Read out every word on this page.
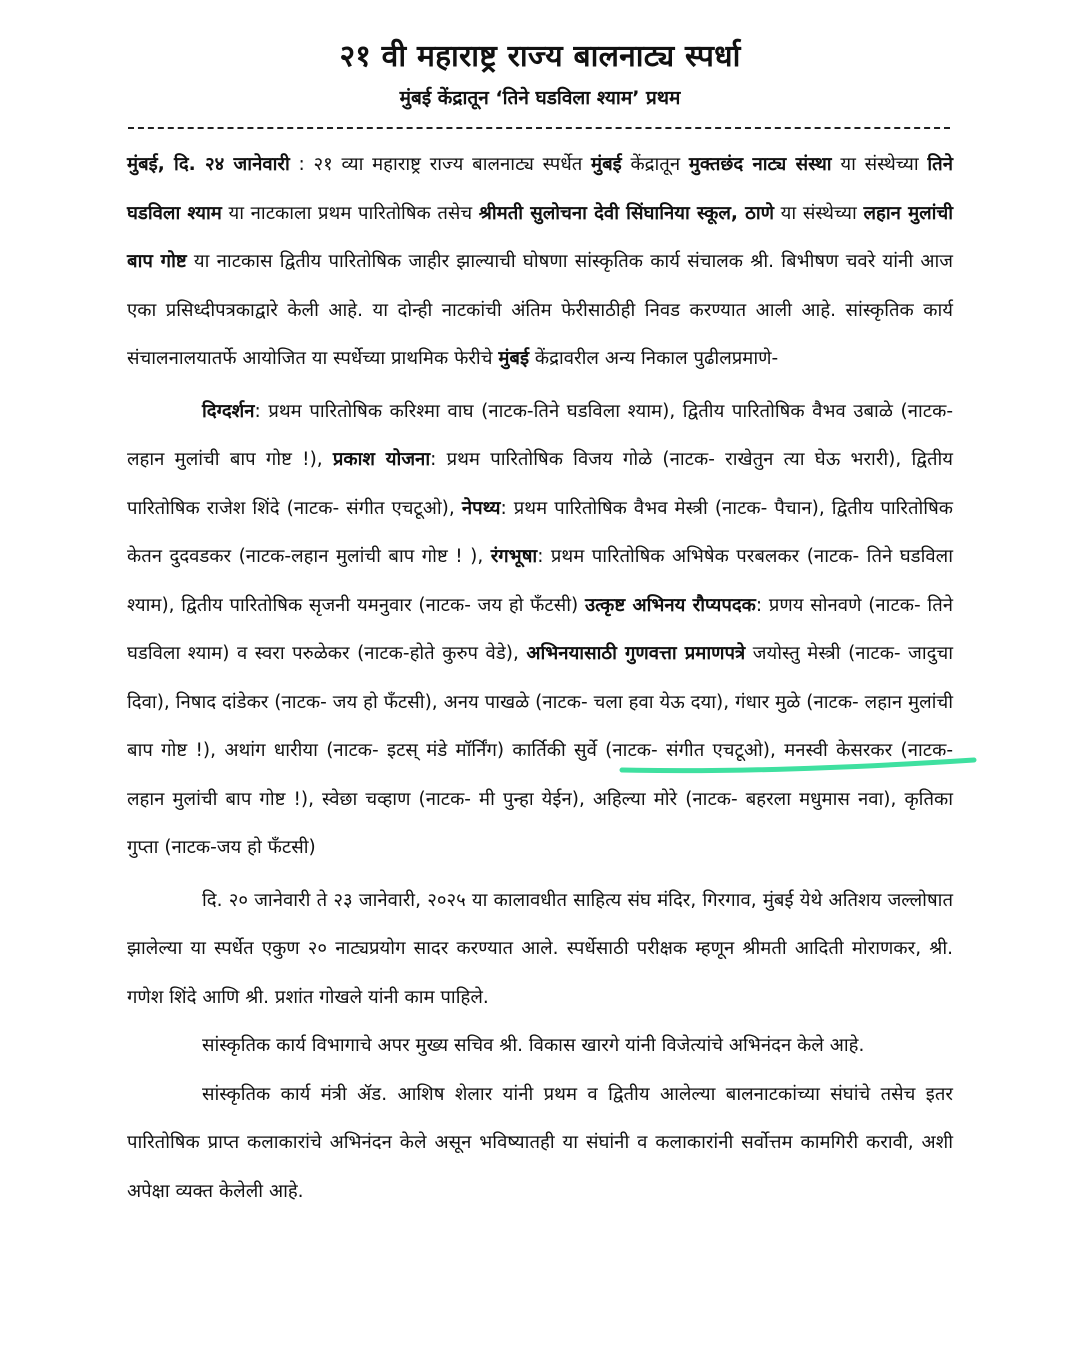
२१ वी महाराष्ट्र राज्य बालनाट्य स्पर्धा
मुंबई केंद्रातून ‘तिने घडविला श्याम’ प्रथम

मुंबई, दि. २४ जानेवारी : २१ व्या महाराष्ट्र राज्य बालनाट्य स्पर्धेत मुंबई केंद्रातून मुक्तछंद नाट्य संस्था या संस्थेच्या तिने घडविला श्याम या नाटकाला प्रथम पारितोषिक तसेच श्रीमती सुलोचना देवी सिंघानिया स्कूल, ठाणे या संस्थेच्या लहान मुलांची बाप गोष्ट या नाटकास द्वितीय पारितोषिक जाहीर झाल्याची घोषणा सांस्कृतिक कार्य संचालक श्री. बिभीषण चवरे यांनी आज एका प्रसिध्दीपत्रकाद्वारे केली आहे. या दोन्ही नाटकांची अंतिम फेरीसाठीही निवड करण्यात आली आहे. सांस्कृतिक कार्य संचालनालयातर्फे आयोजित या स्पर्धेच्या प्राथमिक फेरीचे मुंबई केंद्रावरील अन्य निकाल पुढीलप्रमाणे-

दिग्दर्शन: प्रथम पारितोषिक करिश्मा वाघ (नाटक-तिने घडविला श्याम), द्वितीय पारितोषिक वैभव उबाळे (नाटक-लहान मुलांची बाप गोष्ट !), प्रकाश योजना: प्रथम पारितोषिक विजय गोळे (नाटक- राखेतुन त्या घेऊ भरारी), द्वितीय पारितोषिक राजेश शिंदे (नाटक- संगीत एचटूओ), नेपथ्य: प्रथम पारितोषिक वैभव मेस्त्री (नाटक- पैचान), द्वितीय पारितोषिक केतन दुदवडकर (नाटक-लहान मुलांची बाप गोष्ट ! ), रंगभूषा: प्रथम पारितोषिक अभिषेक परबलकर (नाटक- तिने घडविला श्याम), द्वितीय पारितोषिक सृजनी यमनुवार (नाटक- जय हो फँटसी) उत्कृष्ट अभिनय रौप्यपदक: प्रणय सोनवणे (नाटक- तिने घडविला श्याम) व स्वरा परुळेकर (नाटक-होते कुरुप वेडे), अभिनयासाठी गुणवत्ता प्रमाणपत्रे जयोस्तु मेस्त्री (नाटक- जादुचा दिवा), निषाद दांडेकर (नाटक- जय हो फँटसी), अनय पाखळे (नाटक- चला हवा येऊ दया), गंधार मुळे (नाटक- लहान मुलांची बाप गोष्ट !), अथांग धारीया (नाटक- इटस् मंडे मॉर्निंग) कार्तिकी सुर्वे (नाटक- संगीत एचटूओ), मनस्वी केसरकर (नाटक- लहान मुलांची बाप गोष्ट !), स्वेछा चव्हाण (नाटक- मी पुन्हा येईन), अहिल्या मोरे (नाटक- बहरला मधुमास नवा), कृतिका गुप्ता (नाटक-जय हो फँटसी)

दि. २० जानेवारी ते २३ जानेवारी, २०२५ या कालावधीत साहित्य संघ मंदिर, गिरगाव, मुंबई येथे अतिशय जल्लोषात झालेल्या या स्पर्धेत एकुण २० नाट्यप्रयोग सादर करण्यात आले. स्पर्धेसाठी परीक्षक म्हणून श्रीमती आदिती मोराणकर, श्री. गणेश शिंदे आणि श्री. प्रशांत गोखले यांनी काम पाहिले.

सांस्कृतिक कार्य विभागाचे अपर मुख्य सचिव श्री. विकास खारगे यांनी विजेत्यांचे अभिनंदन केले आहे.

सांस्कृतिक कार्य मंत्री ॲड. आशिष शेलार यांनी प्रथम व द्वितीय आलेल्या बालनाटकांच्या संघांचे तसेच इतर पारितोषिक प्राप्त कलाकारांचे अभिनंदन केले असून भविष्यातही या संघांनी व कलाकारांनी सर्वोत्तम कामगिरी करावी, अशी अपेक्षा व्यक्त केलेली आहे.
